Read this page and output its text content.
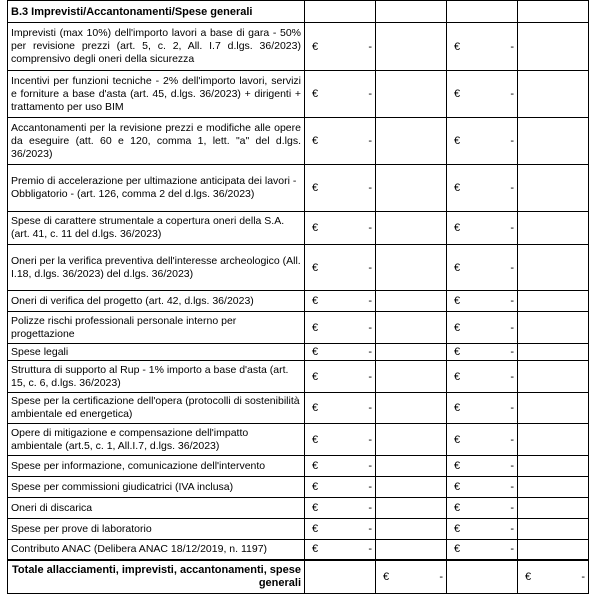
B.3 Imprevisti/Accantonamenti/Spese generali				
Imprevisti (max 10%) dell'importo lavori a base di gara - 50% per revisione prezzi (art. 5, c. 2, All. I.7 d.lgs. 36/2023) comprensivo degli oneri della sicurezza	€ -		€ -	

Incentivi per funzioni tecniche - 2% dell'importo lavori, servizi e forniture a base d'asta (art. 45, d.lgs. 36/2023) + dirigenti + trattamento per uso BIM	€ -		€ -	

Accantonamenti per la revisione prezzi e modifiche alle opere da eseguire (att. 60 e 120, comma 1, lett. "a" del d.lgs. 36/2023)	€ -		€ -	

Premio di accelerazione per ultimazione anticipata dei lavori - Obbligatorio - (art. 126, comma 2 del d.lgs. 36/2023)	€ -		€ -	

Spese di carattere strumentale a copertura oneri della S.A.(art. 41, c. 11 del d.lgs. 36/2023)	€ -		€ -	

Oneri per la verifica preventiva dell'interesse archeologico (All. I.18, d.lgs. 36/2023) del d.lgs. 36/2023)	€ -		€ -	

Oneri di verifica del progetto (art. 42, d.lgs. 36/2023)	€ -		€ -	

Polizze rischi professionali personale interno per progettazione	€ -		€ -	

Spese legali	€ -		€ -	

Struttura di supporto al Rup - 1% importo a base d'asta (art. 15, c. 6, d.lgs. 36/2023)	€ -		€ -	

Spese per la certificazione dell'opera (protocolli di sostenibilità ambientale ed energetica)	€ -		€ -	

Opere di mitigazione e compensazione dell'impatto ambientale (art.5, c. 1, All.I.7, d.lgs. 36/2023)	€ -		€ -	

Spese per informazione, comunicazione dell'intervento	€ -		€ -	

Spese per commissioni giudicatrici (IVA inclusa)	€ -		€ -	

Oneri di discarica	€ -		€ -	

Spese per prove di laboratorio	€ -		€ -	

Contributo ANAC (Delibera ANAC 18/12/2019, n. 1197)	€ -		€ -	

Totale allacciamenti, imprevisti, accantonamenti, spese generali		€ -		€ -
